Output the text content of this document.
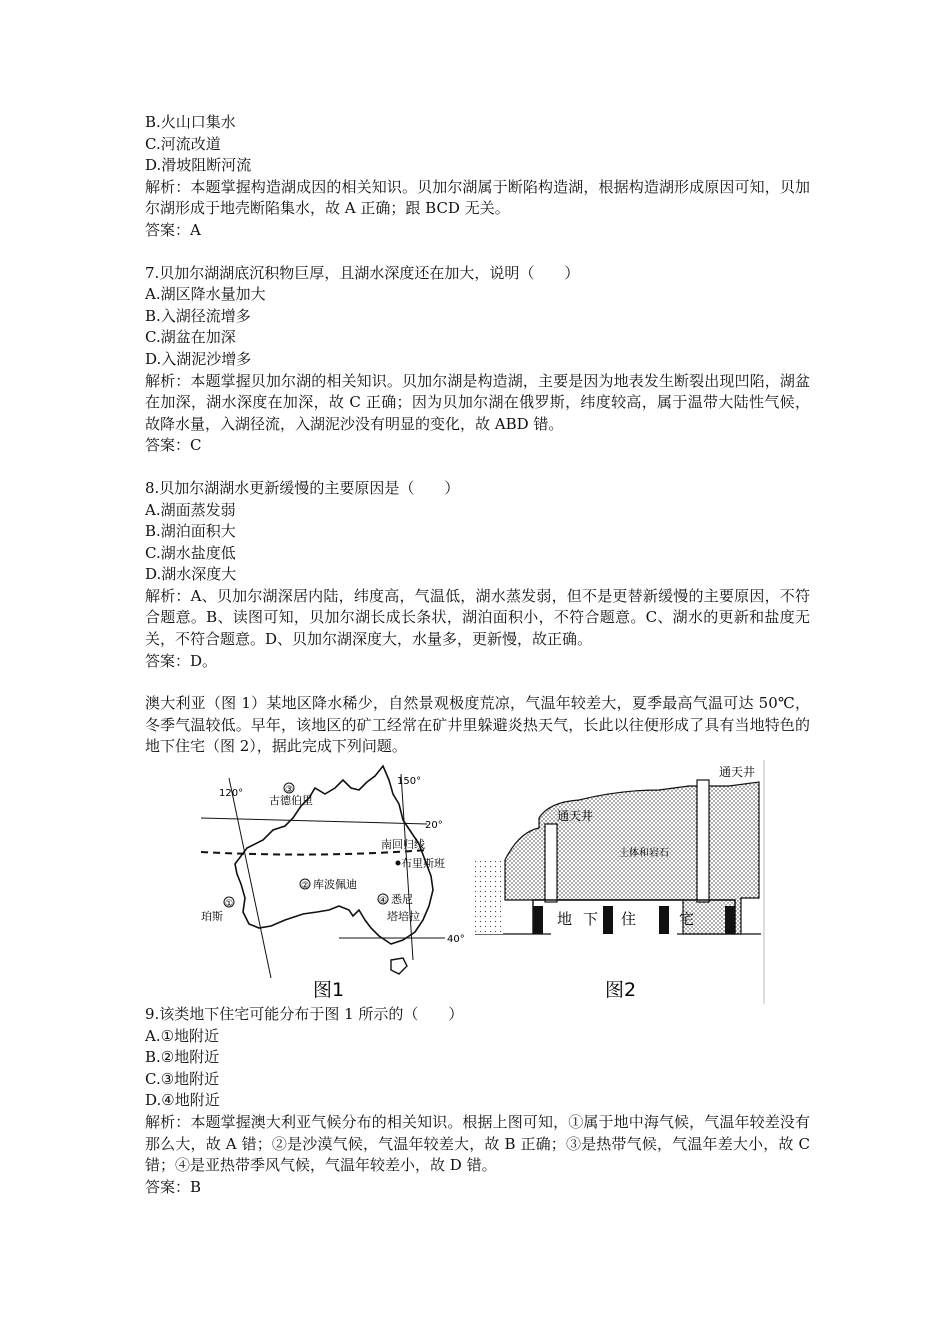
B.火山口集水
C.河流改道
D.滑坡阻断河流
解析：本题掌握构造湖成因的相关知识。贝加尔湖属于断陷构造湖，根据构造湖形成原因可知，贝加尔湖形成于地壳断陷集水，故 A 正确；跟 BCD 无关。
答案：A
7.贝加尔湖湖底沉积物巨厚，且湖水深度还在加大，说明（　　）
A.湖区降水量加大
B.入湖径流增多
C.湖盆在加深
D.入湖泥沙增多
解析：本题掌握贝加尔湖的相关知识。贝加尔湖是构造湖，主要是因为地表发生断裂出现凹陷，湖盆在加深，湖水深度在加深，故 C 正确；因为贝加尔湖在俄罗斯，纬度较高，属于温带大陆性气候，故降水量，入湖径流，入湖泥沙没有明显的变化，故 ABD 错。
答案：C
8.贝加尔湖湖水更新缓慢的主要原因是（　　）
A.湖面蒸发弱
B.湖泊面积大
C.湖水盐度低
D.湖水深度大
解析：A、贝加尔湖深居内陆，纬度高，气温低，湖水蒸发弱，但不是更替新缓慢的主要原因，不符合题意。B、读图可知，贝加尔湖长成长条状，湖泊面积小，不符合题意。C、湖水的更新和盐度无关，不符合题意。D、贝加尔湖深度大，水量多，更新慢，故正确。
答案：D。
澳大利亚（图 1）某地区降水稀少，自然景观极度荒凉，气温年较差大，夏季最高气温可达 50℃，冬季气温较低。早年，该地区的矿工经常在矿井里躲避炎热天气，长此以往便形成了具有当地特色的地下住宅（图 2），据此完成下列问题。
120°
150°
20°
40°
南回归线
③
古德伯里
② 库波佩迪
①
珀斯
布里斯班
④ 悉尼
塔培拉
图1
通天井
通天井
土体和岩石
地 下 住	宅
图2
9.该类地下住宅可能分布于图 1 所示的（　　）
A.①地附近
B.②地附近
C.③地附近
D.④地附近
解析：本题掌握澳大利亚气候分布的相关知识。根据上图可知，①属于地中海气候，气温年较差没有那么大，故 A 错；②是沙漠气候，气温年较差大，故 B 正确；③是热带气候，气温年差大小，故 C 错；④是亚热带季风气候，气温年较差小，故 D 错。
答案：B
